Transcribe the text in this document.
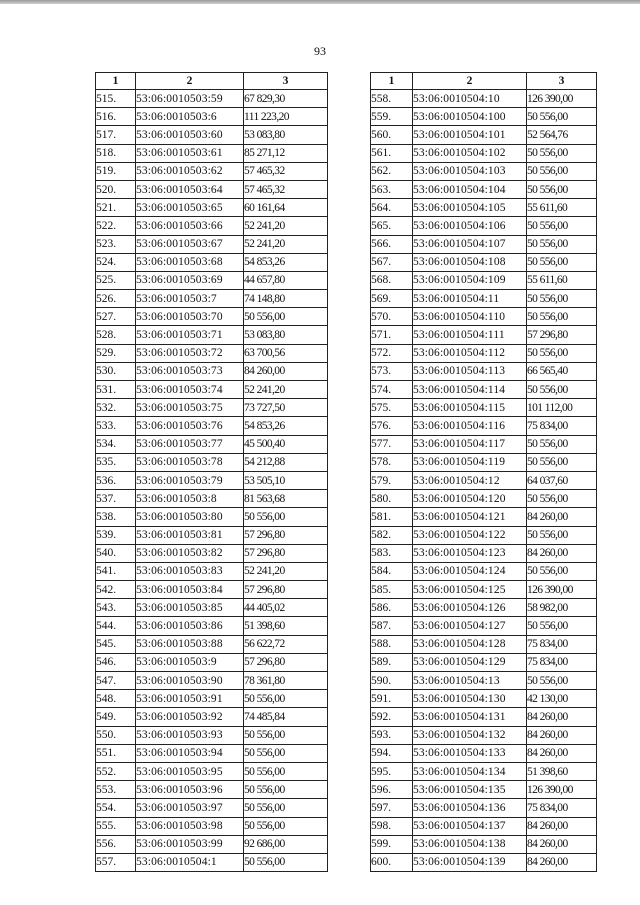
93
1	2	3
515.	53:06:0010503:59	67 829,30
516.	53:06:0010503:6	111 223,20
517.	53:06:0010503:60	53 083,80
518.	53:06:0010503:61	85 271,12
519.	53:06:0010503:62	57 465,32
520.	53:06:0010503:64	57 465,32
521.	53:06:0010503:65	60 161,64
522.	53:06:0010503:66	52 241,20
523.	53:06:0010503:67	52 241,20
524.	53:06:0010503:68	54 853,26
525.	53:06:0010503:69	44 657,80
526.	53:06:0010503:7	74 148,80
527.	53:06:0010503:70	50 556,00
528.	53:06:0010503:71	53 083,80
529.	53:06:0010503:72	63 700,56
530.	53:06:0010503:73	84 260,00
531.	53:06:0010503:74	52 241,20
532.	53:06:0010503:75	73 727,50
533.	53:06:0010503:76	54 853,26
534.	53:06:0010503:77	45 500,40
535.	53:06:0010503:78	54 212,88
536.	53:06:0010503:79	53 505,10
537.	53:06:0010503:8	81 563,68
538.	53:06:0010503:80	50 556,00
539.	53:06:0010503:81	57 296,80
540.	53:06:0010503:82	57 296,80
541.	53:06:0010503:83	52 241,20
542.	53:06:0010503:84	57 296,80
543.	53:06:0010503:85	44 405,02
544.	53:06:0010503:86	51 398,60
545.	53:06:0010503:88	56 622,72
546.	53:06:0010503:9	57 296,80
547.	53:06:0010503:90	78 361,80
548.	53:06:0010503:91	50 556,00
549.	53:06:0010503:92	74 485,84
550.	53:06:0010503:93	50 556,00
551.	53:06:0010503:94	50 556,00
552.	53:06:0010503:95	50 556,00
553.	53:06:0010503:96	50 556,00
554.	53:06:0010503:97	50 556,00
555.	53:06:0010503:98	50 556,00
556.	53:06:0010503:99	92 686,00
557.	53:06:0010504:1	50 556,00
1	2	3
558.	53:06:0010504:10	126 390,00
559.	53:06:0010504:100	50 556,00
560.	53:06:0010504:101	52 564,76
561.	53:06:0010504:102	50 556,00
562.	53:06:0010504:103	50 556,00
563.	53:06:0010504:104	50 556,00
564.	53:06:0010504:105	55 611,60
565.	53:06:0010504:106	50 556,00
566.	53:06:0010504:107	50 556,00
567.	53:06:0010504:108	50 556,00
568.	53:06:0010504:109	55 611,60
569.	53:06:0010504:11	50 556,00
570.	53:06:0010504:110	50 556,00
571.	53:06:0010504:111	57 296,80
572.	53:06:0010504:112	50 556,00
573.	53:06:0010504:113	66 565,40
574.	53:06:0010504:114	50 556,00
575.	53:06:0010504:115	101 112,00
576.	53:06:0010504:116	75 834,00
577.	53:06:0010504:117	50 556,00
578.	53:06:0010504:119	50 556,00
579.	53:06:0010504:12	64 037,60
580.	53:06:0010504:120	50 556,00
581.	53:06:0010504:121	84 260,00
582.	53:06:0010504:122	50 556,00
583.	53:06:0010504:123	84 260,00
584.	53:06:0010504:124	50 556,00
585.	53:06:0010504:125	126 390,00
586.	53:06:0010504:126	58 982,00
587.	53:06:0010504:127	50 556,00
588.	53:06:0010504:128	75 834,00
589.	53:06:0010504:129	75 834,00
590.	53:06:0010504:13	50 556,00
591.	53:06:0010504:130	42 130,00
592.	53:06:0010504:131	84 260,00
593.	53:06:0010504:132	84 260,00
594.	53:06:0010504:133	84 260,00
595.	53:06:0010504:134	51 398,60
596.	53:06:0010504:135	126 390,00
597.	53:06:0010504:136	75 834,00
598.	53:06:0010504:137	84 260,00
599.	53:06:0010504:138	84 260,00
600.	53:06:0010504:139	84 260,00
